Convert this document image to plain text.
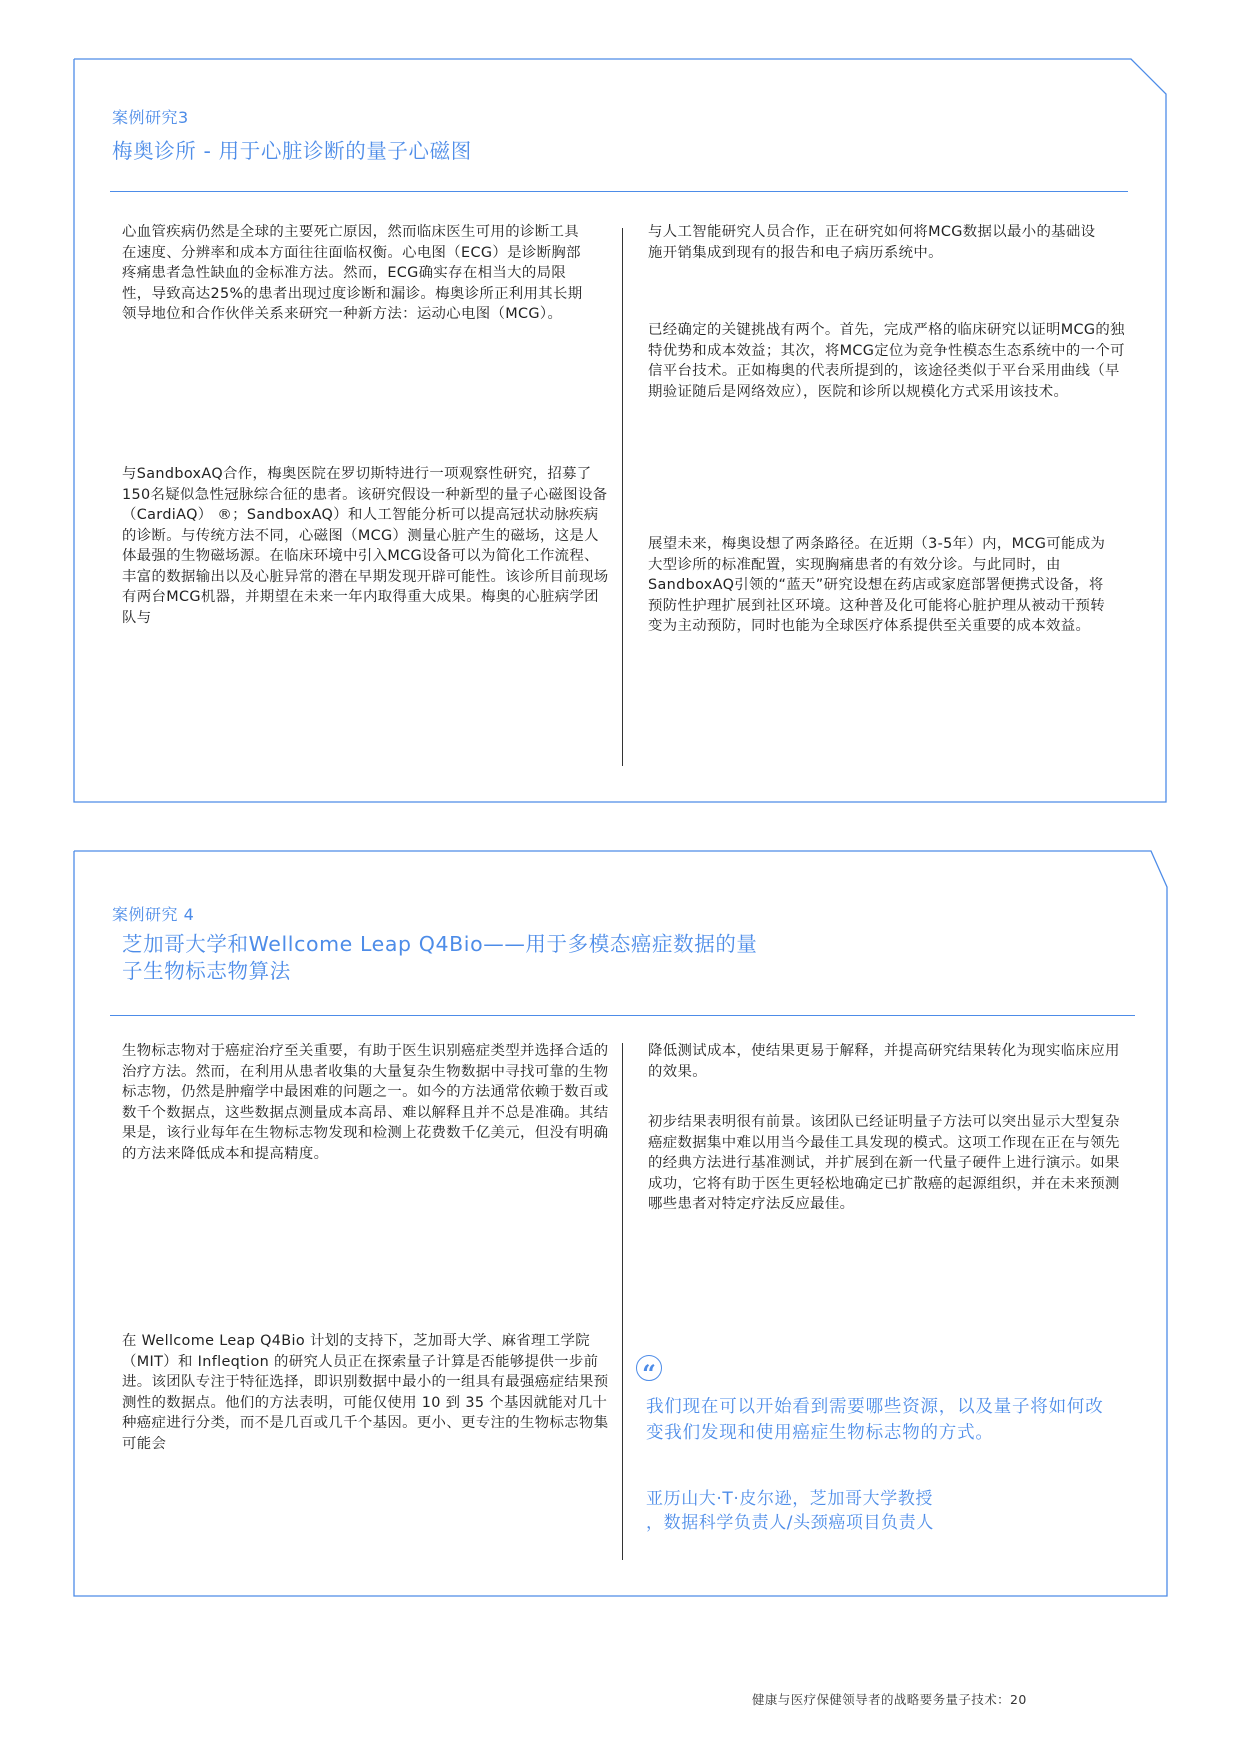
案例研究3
梅奥诊所 - 用于心脏诊断的量子心磁图
心血管疾病仍然是全球的主要死亡原因，然而临床医生可用的诊断工具在速度、分辨率和成本方面往往面临权衡。心电图（ECG）是诊断胸部疼痛患者急性缺血的金标准方法。然而，ECG确实存在相当大的局限性，导致高达25%的患者出现过度诊断和漏诊。梅奥诊所正利用其长期领导地位和合作伙伴关系来研究一种新方法：运动心电图（MCG）。
与SandboxAQ合作，梅奥医院在罗切斯特进行一项观察性研究，招募了150名疑似急性冠脉综合征的患者。该研究假设一种新型的量子心磁图设备（CardiAQ） ®；SandboxAQ）和人工智能分析可以提高冠状动脉疾病的诊断。与传统方法不同，心磁图（MCG）测量心脏产生的磁场，这是人体最强的生物磁场源。在临床环境中引入MCG设备可以为简化工作流程、丰富的数据输出以及心脏异常的潜在早期发现开辟可能性。该诊所目前现场有两台MCG机器，并期望在未来一年内取得重大成果。梅奥的心脏病学团队与
与人工智能研究人员合作，正在研究如何将MCG数据以最小的基础设施开销集成到现有的报告和电子病历系统中。
已经确定的关键挑战有两个。首先，完成严格的临床研究以证明MCG的独特优势和成本效益；其次，将MCG定位为竞争性模态生态系统中的一个可信平台技术。正如梅奥的代表所提到的，该途径类似于平台采用曲线（早期验证随后是网络效应），医院和诊所以规模化方式采用该技术。
展望未来，梅奥设想了两条路径。在近期（3-5年）内，MCG可能成为大型诊所的标准配置，实现胸痛患者的有效分诊。与此同时，由SandboxAQ引领的“蓝天”研究设想在药店或家庭部署便携式设备，将预防性护理扩展到社区环境。这种普及化可能将心脏护理从被动干预转变为主动预防，同时也能为全球医疗体系提供至关重要的成本效益。
案例研究 4
芝加哥大学和Wellcome Leap Q4Bio——用于多模态癌症数据的量
子生物标志物算法
生物标志物对于癌症治疗至关重要，有助于医生识别癌症类型并选择合适的治疗方法。然而，在利用从患者收集的大量复杂生物数据中寻找可靠的生物标志物，仍然是肿瘤学中最困难的问题之一。如今的方法通常依赖于数百或数千个数据点，这些数据点测量成本高昂、难以解释且并不总是准确。其结果是，该行业每年在生物标志物发现和检测上花费数千亿美元，但没有明确的方法来降低成本和提高精度。
在 Wellcome Leap Q4Bio 计划的支持下，芝加哥大学、麻省理工学院（MIT）和 Infleqtion 的研究人员正在探索量子计算是否能够提供一步前进。该团队专注于特征选择，即识别数据中最小的一组具有最强癌症结果预测性的数据点。他们的方法表明，可能仅使用 10 到 35 个基因就能对几十种癌症进行分类，而不是几百或几千个基因。更小、更专注的生物标志物集可能会
降低测试成本，使结果更易于解释，并提高研究结果转化为现实临床应用的效果。
初步结果表明很有前景。该团队已经证明量子方法可以突出显示大型复杂癌症数据集中难以用当今最佳工具发现的模式。这项工作现在正在与领先的经典方法进行基准测试，并扩展到在新一代量子硬件上进行演示。如果成功，它将有助于医生更轻松地确定已扩散癌的起源组织，并在未来预测哪些患者对特定疗法反应最佳。
“
我们现在可以开始看到需要哪些资源，以及量子将如何改变我们发现和使用癌症生物标志物的方式。
亚历山大·T·皮尔逊，芝加哥大学教授
，数据科学负责人/头颈癌项目负责人
健康与医疗保健领导者的战略要务量子技术：20
